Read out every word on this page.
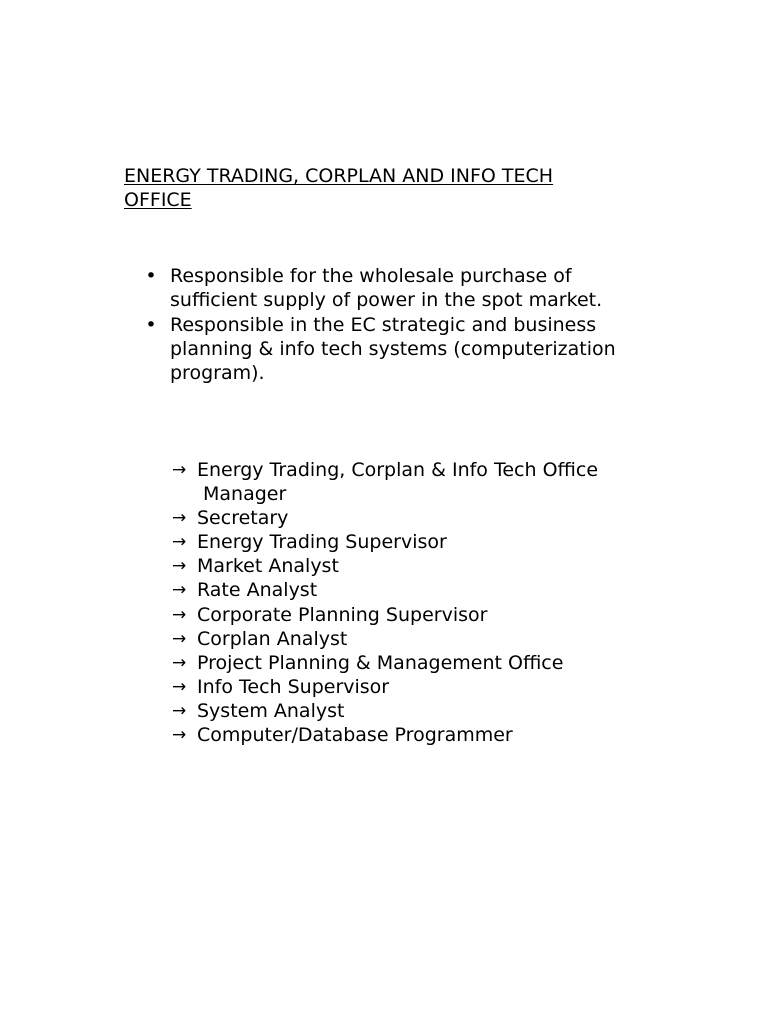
ENERGY TRADING, CORPLAN AND INFO TECH OFFICE
• Responsible for the wholesale purchase of sufficient supply of power in the spot market.
• Responsible in the EC strategic and business planning & info tech systems (computerization program).
→ Energy Trading, Corplan & Info Tech Office Manager
→ Secretary
→ Energy Trading Supervisor
→ Market Analyst
→ Rate Analyst
→ Corporate Planning Supervisor
→ Corplan Analyst
→ Project Planning & Management Office
→ Info Tech Supervisor
→ System Analyst
→ Computer/Database Programmer
